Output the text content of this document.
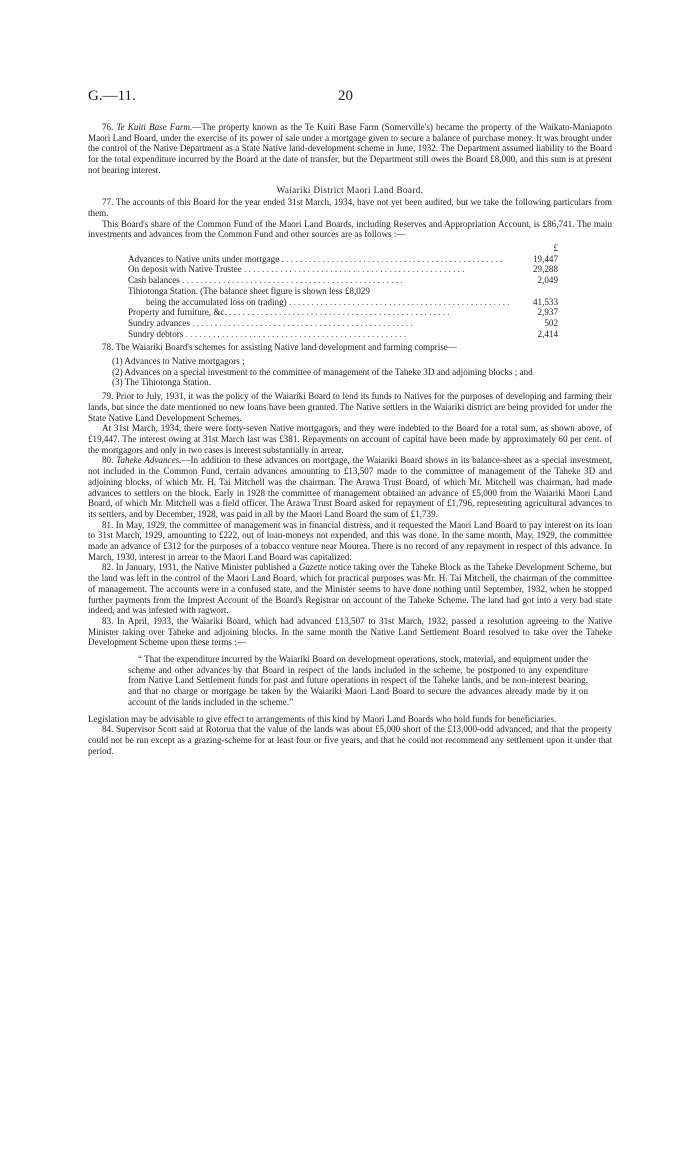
G.—11.	20

76. Te Kuiti Base Farm.—The property known as the Te Kuiti Base Farm (Somerville's) became the property of the Waikato-Maniapoto Maori Land Board, under the exercise of its power of sale under a mortgage given to secure a balance of purchase money. It was brought under the control of the Native Department as a State Native land-development scheme in June, 1932. The Department assumed liability to the Board for the total expenditure incurred by the Board at the date of transfer, but the Department still owes the Board £8,000, and this sum is at present not bearing interest.

Waiariki District Maori Land Board.

77. The accounts of this Board for the year ended 31st March, 1934, have not yet been audited, but we take the following particulars from them.

This Board's share of the Common Fund of the Maori Land Boards, including Reserves and Appropriation Account, is £86,741. The main investments and advances from the Common Fund and other sources are as follows :—

£
Advances to Native units under mortgage . . .	19,447
On deposit with Native Trustee . . .	29,288
Cash balances . . .	2,049
Tihiotonga Station. (The balance sheet figure is shown less £8,029
being the accumulated loss on trading) . . .	41,533
Property and furniture, &c. . . .	2,937
Sundry advances . . .	502
Sundry debtors . . .	2,414

78. The Waiariki Board's schemes for assisting Native land development and farming comprise—

(1) Advances to Native mortgagors ;
(2) Advances on a special investment to the committee of management of the Taheke 3D and adjoining blocks ; and
(3) The Tihiotonga Station.

79. Prior to July, 1931, it was the policy of the Waiariki Board to lend its funds to Natives for the purposes of developing and farming their lands, but since the date mentioned no new loans have been granted. The Native settlers in the Waiariki district are being provided for under the State Native Land Development Schemes.

At 31st March, 1934, there were forty-seven Native mortgagors, and they were indebted to the Board for a total sum, as shown above, of £19,447. The interest owing at 31st March last was £381. Repayments on account of capital have been made by approximately 60 per cent. of the mortgagors and only in two cases is interest substantially in arrear.

80. Taheke Advances.—In addition to these advances on mortgage, the Waiariki Board shows in its balance-sheet as a special investment, not included in the Common Fund, certain advances amounting to £13,507 made to the committee of management of the Taheke 3D and adjoining blocks, of which Mr. H. Tai Mitchell was the chairman. The Arawa Trust Board, of which Mr. Mitchell was chairman, had made advances to settlers on the block. Early in 1928 the committee of management obtained an advance of £5,000 from the Waiariki Maori Land Board, of which Mr. Mitchell was a field officer. The Arawa Trust Board asked for repayment of £1,796, representing agricultural advances to its settlers, and by December, 1928, was paid in all by the Maori Land Board the sum of £1,739.

81. In May, 1929, the committee of management was in financial distress, and it requested the Maori Land Board to pay interest on its loan to 31st March, 1929, amounting to £222, out of loan-moneys not expended, and this was done. In the same month, May, 1929, the committee made an advance of £312 for the purposes of a tobacco venture near Mourea. There is no record of any repayment in respect of this advance. In March, 1930, interest in arrear to the Maori Land Board was capitalized.

82. In January, 1931, the Native Minister published a Gazette notice taking over the Taheke Block as the Taheke Development Scheme, but the land was left in the control of the Maori Land Board, which for practical purposes was Mr. H. Tai Mitchell, the chairman of the committee of management. The accounts were in a confused state, and the Minister seems to have done nothing until September, 1932, when he stopped further payments from the Imprest Account of the Board's Registrar on account of the Taheke Scheme. The land had got into a very bad state indeed, and was infested with ragwort.

83. In April, 1933, the Waiariki Board, which had advanced £13,507 to 31st March, 1932, passed a resolution agreeing to the Native Minister taking over Taheke and adjoining blocks. In the same month the Native Land Settlement Board resolved to take over the Taheke Development Scheme upon these terms :—

“ That the expenditure incurred by the Waiariki Board on development operations, stock, material, and equipment under the scheme and other advances by that Board in respect of the lands included in the scheme, be postponed to any expenditure from Native Land Settlement funds for past and future operations in respect of the Taheke lands, and be non-interest bearing, and that no charge or mortgage be taken by the Waiariki Maori Land Board to secure the advances already made by it on account of the lands included in the scheme.”

Legislation may be advisable to give effect to arrangements of this kind by Maori Land Boards who hold funds for beneficiaries.

84. Supervisor Scott said at Rotorua that the value of the lands was about £5,000 short of the £13,000-odd advanced, and that the property could not be run except as a grazing-scheme for at least four or five years, and that he could not recommend any settlement upon it under that period.
